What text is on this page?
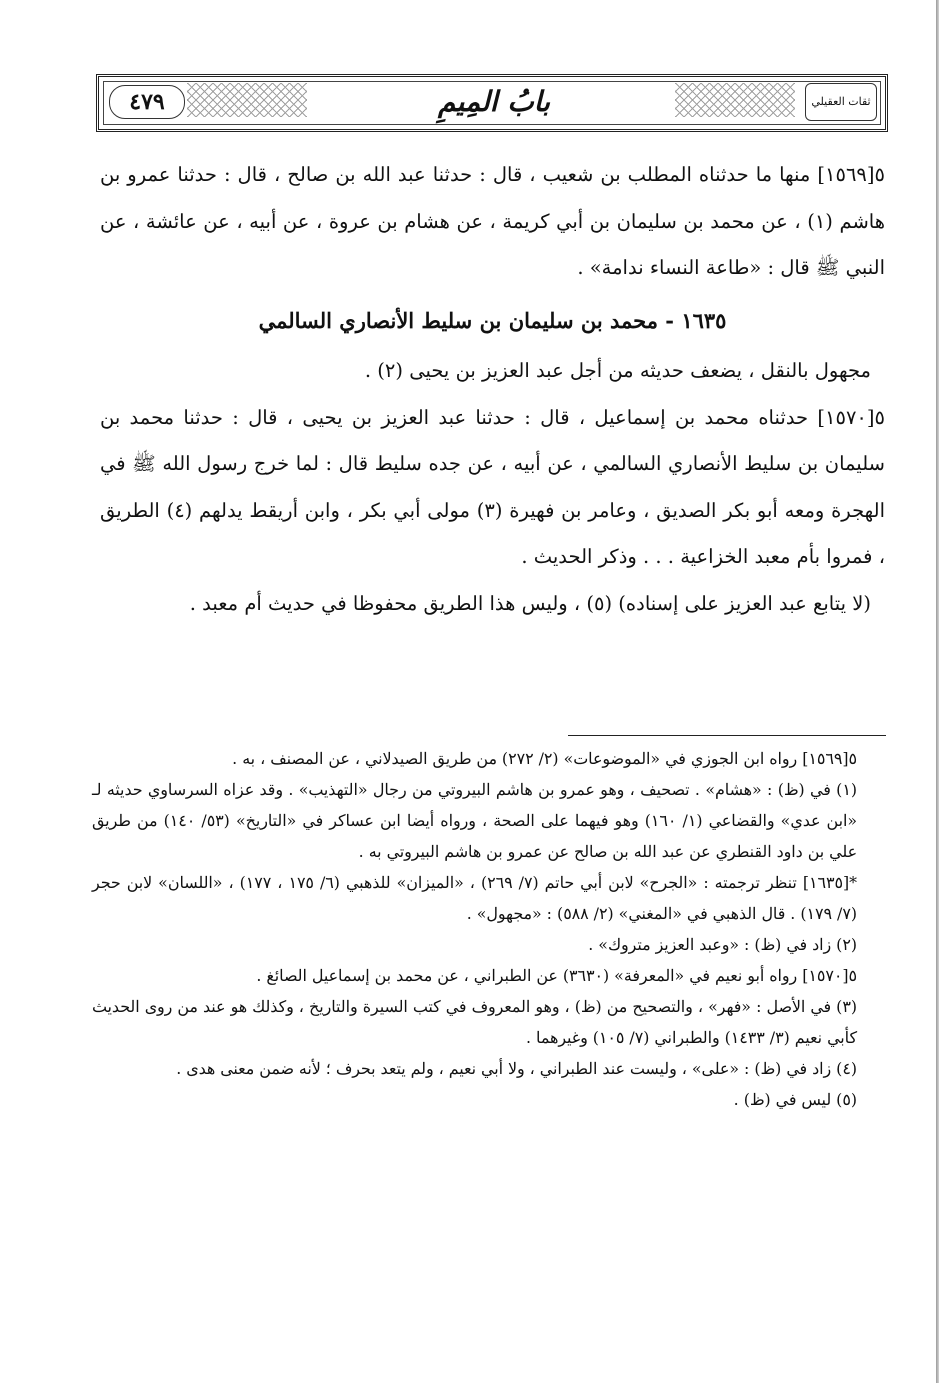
ثقات العقيلي
بابُ المِيمِ
٤٧٩

٥[١٥٦٩] منها ما حدثناه المطلب بن شعيب ، قال : حدثنا عبد الله بن صالح ، قال : حدثنا عمرو بن هاشم (١) ، عن محمد بن سليمان بن أبي كريمة ، عن هشام بن عروة ، عن أبيه ، عن عائشة ، عن النبي ﷺ قال : «طاعة النساء ندامة» .

١٦٣٥ - محمد بن سليمان بن سليط الأنصاري السالمي

مجهول بالنقل ، يضعف حديثه من أجل عبد العزيز بن يحيى (٢) .

٥[١٥٧٠] حدثناه محمد بن إسماعيل ، قال : حدثنا عبد العزيز بن يحيى ، قال : حدثنا محمد بن سليمان بن سليط الأنصاري السالمي ، عن أبيه ، عن جده سليط قال : لما خرج رسول الله ﷺ في الهجرة ومعه أبو بكر الصديق ، وعامر بن فهيرة (٣) مولى أبي بكر ، وابن أريقط يدلهم (٤) الطريق ، فمروا بأم معبد الخزاعية . . . وذكر الحديث .

(لا يتابع عبد العزيز على إسناده) (٥) ، وليس هذا الطريق محفوظا في حديث أم معبد .

٥[١٥٦٩] رواه ابن الجوزي في «الموضوعات» (٢/ ٢٧٢) من طريق الصيدلاني ، عن المصنف ، به .

(١) في (ظ) : «هشام» . تصحيف ، وهو عمرو بن هاشم البيروتي من رجال «التهذيب» . وقد عزاه السرساوي حديثه لـ «ابن عدي» والقضاعي (١/ ١٦٠) وهو فيهما على الصحة ، ورواه أيضا ابن عساكر في «التاريخ» (٥٣/ ١٤٠) من طريق علي بن داود القنطري عن عبد الله بن صالح عن عمرو بن هاشم البيروتي به .

*[١٦٣٥] تنظر ترجمته : «الجرح» لابن أبي حاتم (٧/ ٢٦٩) ، «الميزان» للذهبي (٦/ ١٧٥ ، ١٧٧) ، «اللسان» لابن حجر (٧/ ١٧٩) . قال الذهبي في «المغني» (٢/ ٥٨٨) : «مجهول» .

(٢) زاد في (ظ) : «وعبد العزيز متروك» .

٥[١٥٧٠] رواه أبو نعيم في «المعرفة» (٣٦٣٠) عن الطبراني ، عن محمد بن إسماعيل الصائغ .

(٣) في الأصل : «فهر» ، والتصحيح من (ظ) ، وهو المعروف في كتب السيرة والتاريخ ، وكذلك هو عند من روى الحديث كأبي نعيم (٣/ ١٤٣٣) والطبراني (٧/ ١٠٥) وغيرهما .

(٤) زاد في (ظ) : «على» ، وليست عند الطبراني ، ولا أبي نعيم ، ولم يتعد بحرف ؛ لأنه ضمن معنى هدى .

(٥) ليس في (ظ) .
